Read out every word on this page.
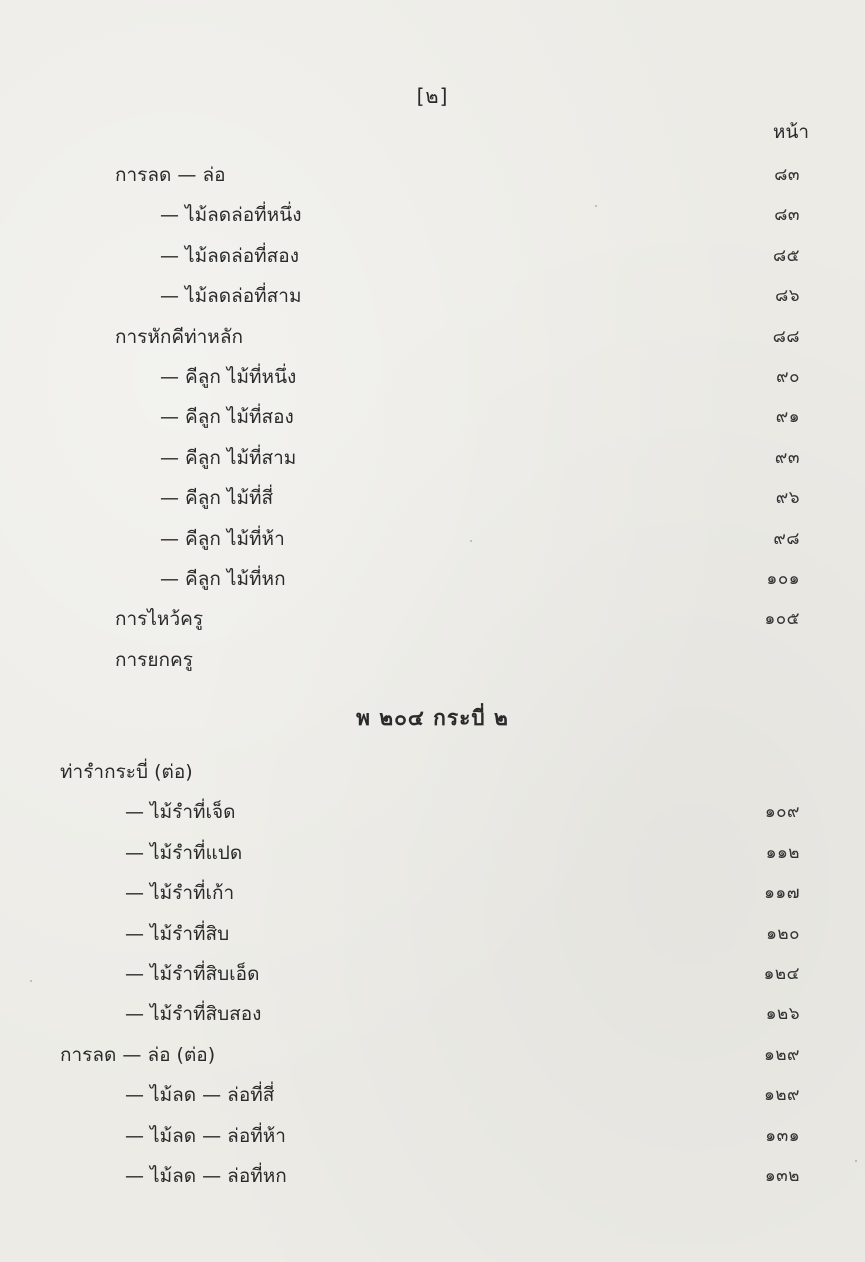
[๒]
หน้า
การลด — ล่อ	๘๓
— ไม้ลดล่อที่หนึ่ง	๘๓
— ไม้ลดล่อที่สอง	๘๕
— ไม้ลดล่อที่สาม	๘๖
การหักคีท่าหลัก	๘๘
— คีลูก ไม้ที่หนึ่ง	๙๐
— คีลูก ไม้ที่สอง	๙๑
— คีลูก ไม้ที่สาม	๙๓
— คีลูก ไม้ที่สี่	๙๖
— คีลูก ไม้ที่ห้า	๙๘
— คีลูก ไม้ที่หก	๑๐๑
การไหว้ครู	๑๐๕
การยกครู
พ ๒๐๔ กระบี่ ๒
ท่ารำกระบี่ (ต่อ)
— ไม้รำที่เจ็ด	๑๐๙
— ไม้รำที่แปด	๑๑๒
— ไม้รำที่เก้า	๑๑๗
— ไม้รำที่สิบ	๑๒๐
— ไม้รำที่สิบเอ็ด	๑๒๔
— ไม้รำที่สิบสอง	๑๒๖
การลด — ล่อ (ต่อ)	๑๒๙
— ไม้ลด — ล่อที่สี่	๑๒๙
— ไม้ลด — ล่อที่ห้า	๑๓๑
— ไม้ลด — ล่อที่หก	๑๓๒
